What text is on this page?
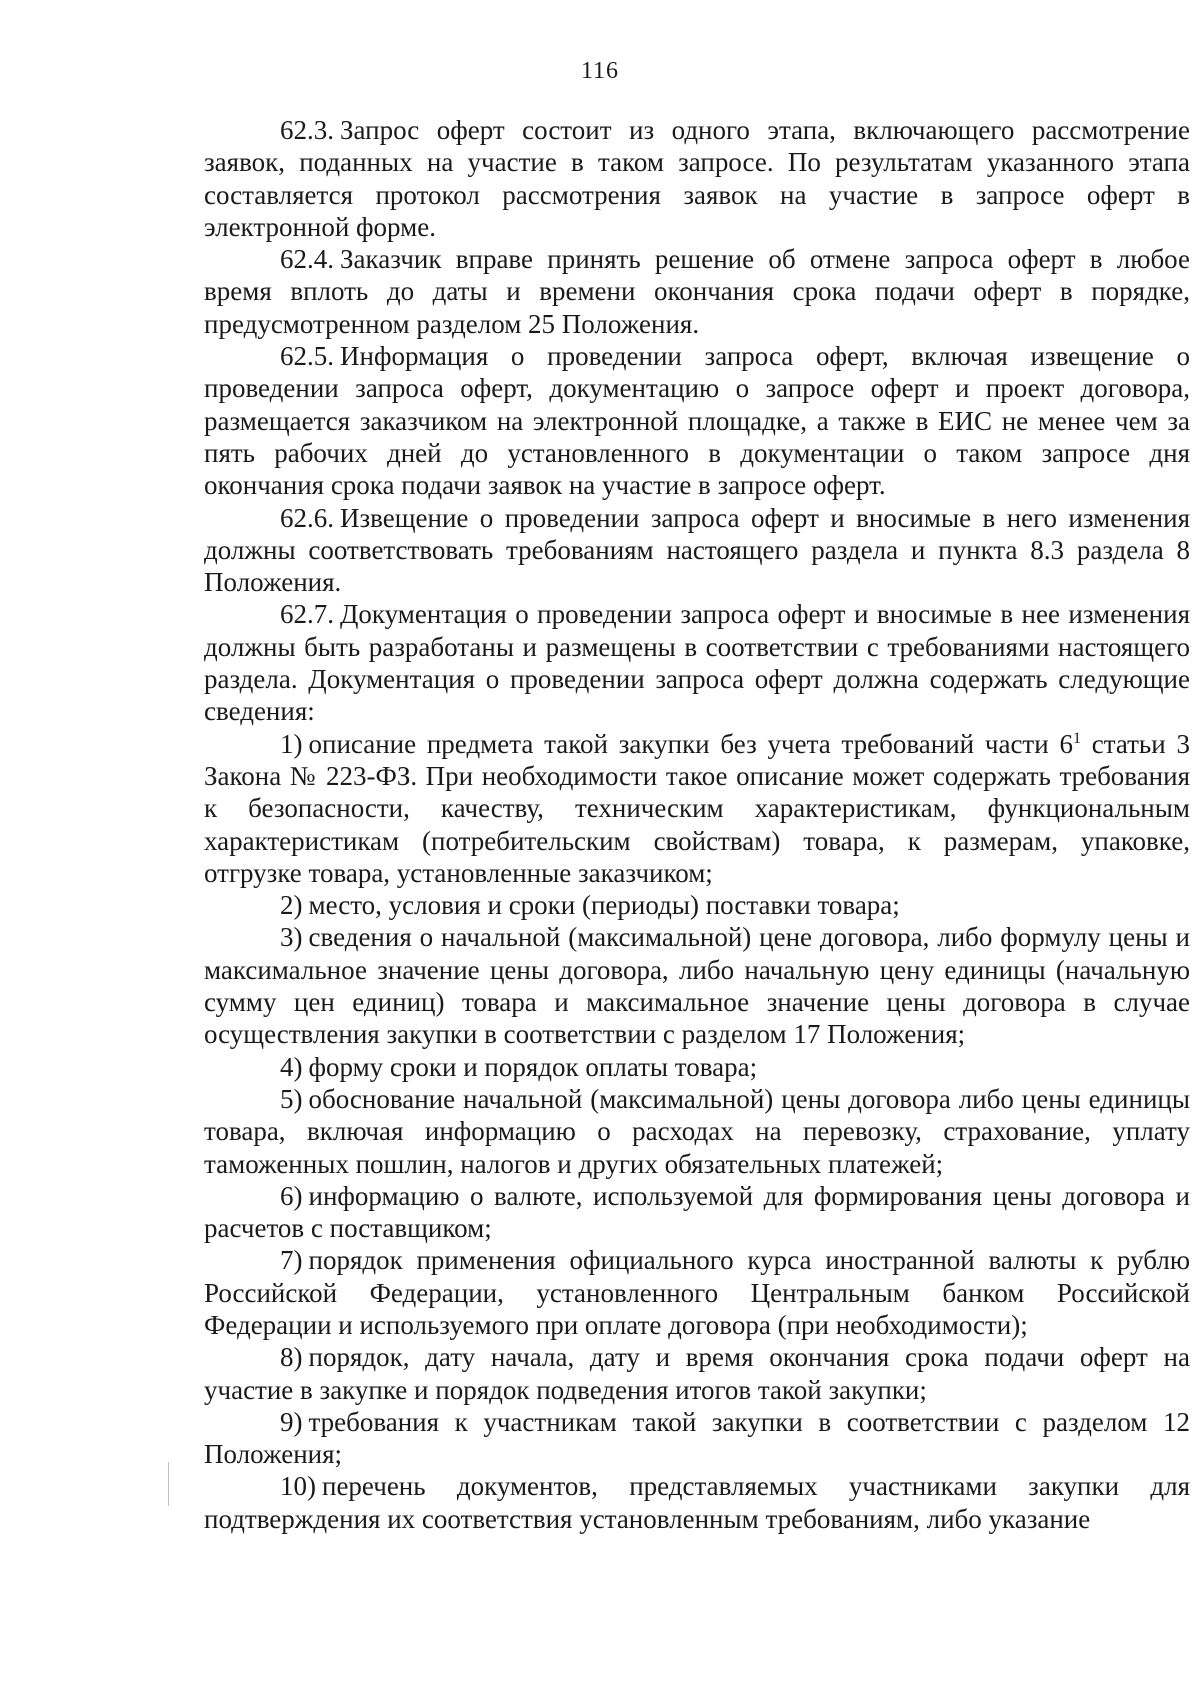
116

62.3. Запрос оферт состоит из одного этапа, включающего рассмотрение заявок, поданных на участие в таком запросе. По результатам указанного этапа составляется протокол рассмотрения заявок на участие в запросе оферт в электронной форме.

62.4. Заказчик вправе принять решение об отмене запроса оферт в любое время вплоть до даты и времени окончания срока подачи оферт в порядке, предусмотренном разделом 25 Положения.

62.5. Информация о проведении запроса оферт, включая извещение о проведении запроса оферт, документацию о запросе оферт и проект договора, размещается заказчиком на электронной площадке, а также в ЕИС не менее чем за пять рабочих дней до установленного в документации о таком запросе дня окончания срока подачи заявок на участие в запросе оферт.

62.6. Извещение о проведении запроса оферт и вносимые в него изменения должны соответствовать требованиям настоящего раздела и пункта 8.3 раздела 8 Положения.

62.7. Документация о проведении запроса оферт и вносимые в нее изменения должны быть разработаны и размещены в соответствии с требованиями настоящего раздела. Документация о проведении запроса оферт должна содержать следующие сведения:

1) описание предмета такой закупки без учета требований части $6^1$ статьи 3 Закона № 223-ФЗ. При необходимости такое описание может содержать требования к безопасности, качеству, техническим характеристикам, функциональным характеристикам (потребительским свойствам) товара, к размерам, упаковке, отгрузке товара, установленные заказчиком;

2) место, условия и сроки (периоды) поставки товара;

3) сведения о начальной (максимальной) цене договора, либо формулу цены и максимальное значение цены договора, либо начальную цену единицы (начальную сумму цен единиц) товара и максимальное значение цены договора в случае осуществления закупки в соответствии с разделом 17 Положения;

4) форму сроки и порядок оплаты товара;

5) обоснование начальной (максимальной) цены договора либо цены единицы товара, включая информацию о расходах на перевозку, страхование, уплату таможенных пошлин, налогов и других обязательных платежей;

6) информацию о валюте, используемой для формирования цены договора и расчетов с поставщиком;

7) порядок применения официального курса иностранной валюты к рублю Российской Федерации, установленного Центральным банком Российской Федерации и используемого при оплате договора (при необходимости);

8) порядок, дату начала, дату и время окончания срока подачи оферт на участие в закупке и порядок подведения итогов такой закупки;

9) требования к участникам такой закупки в соответствии с разделом 12 Положения;

10) перечень документов, представляемых участниками закупки для подтверждения их соответствия установленным требованиям, либо указание
